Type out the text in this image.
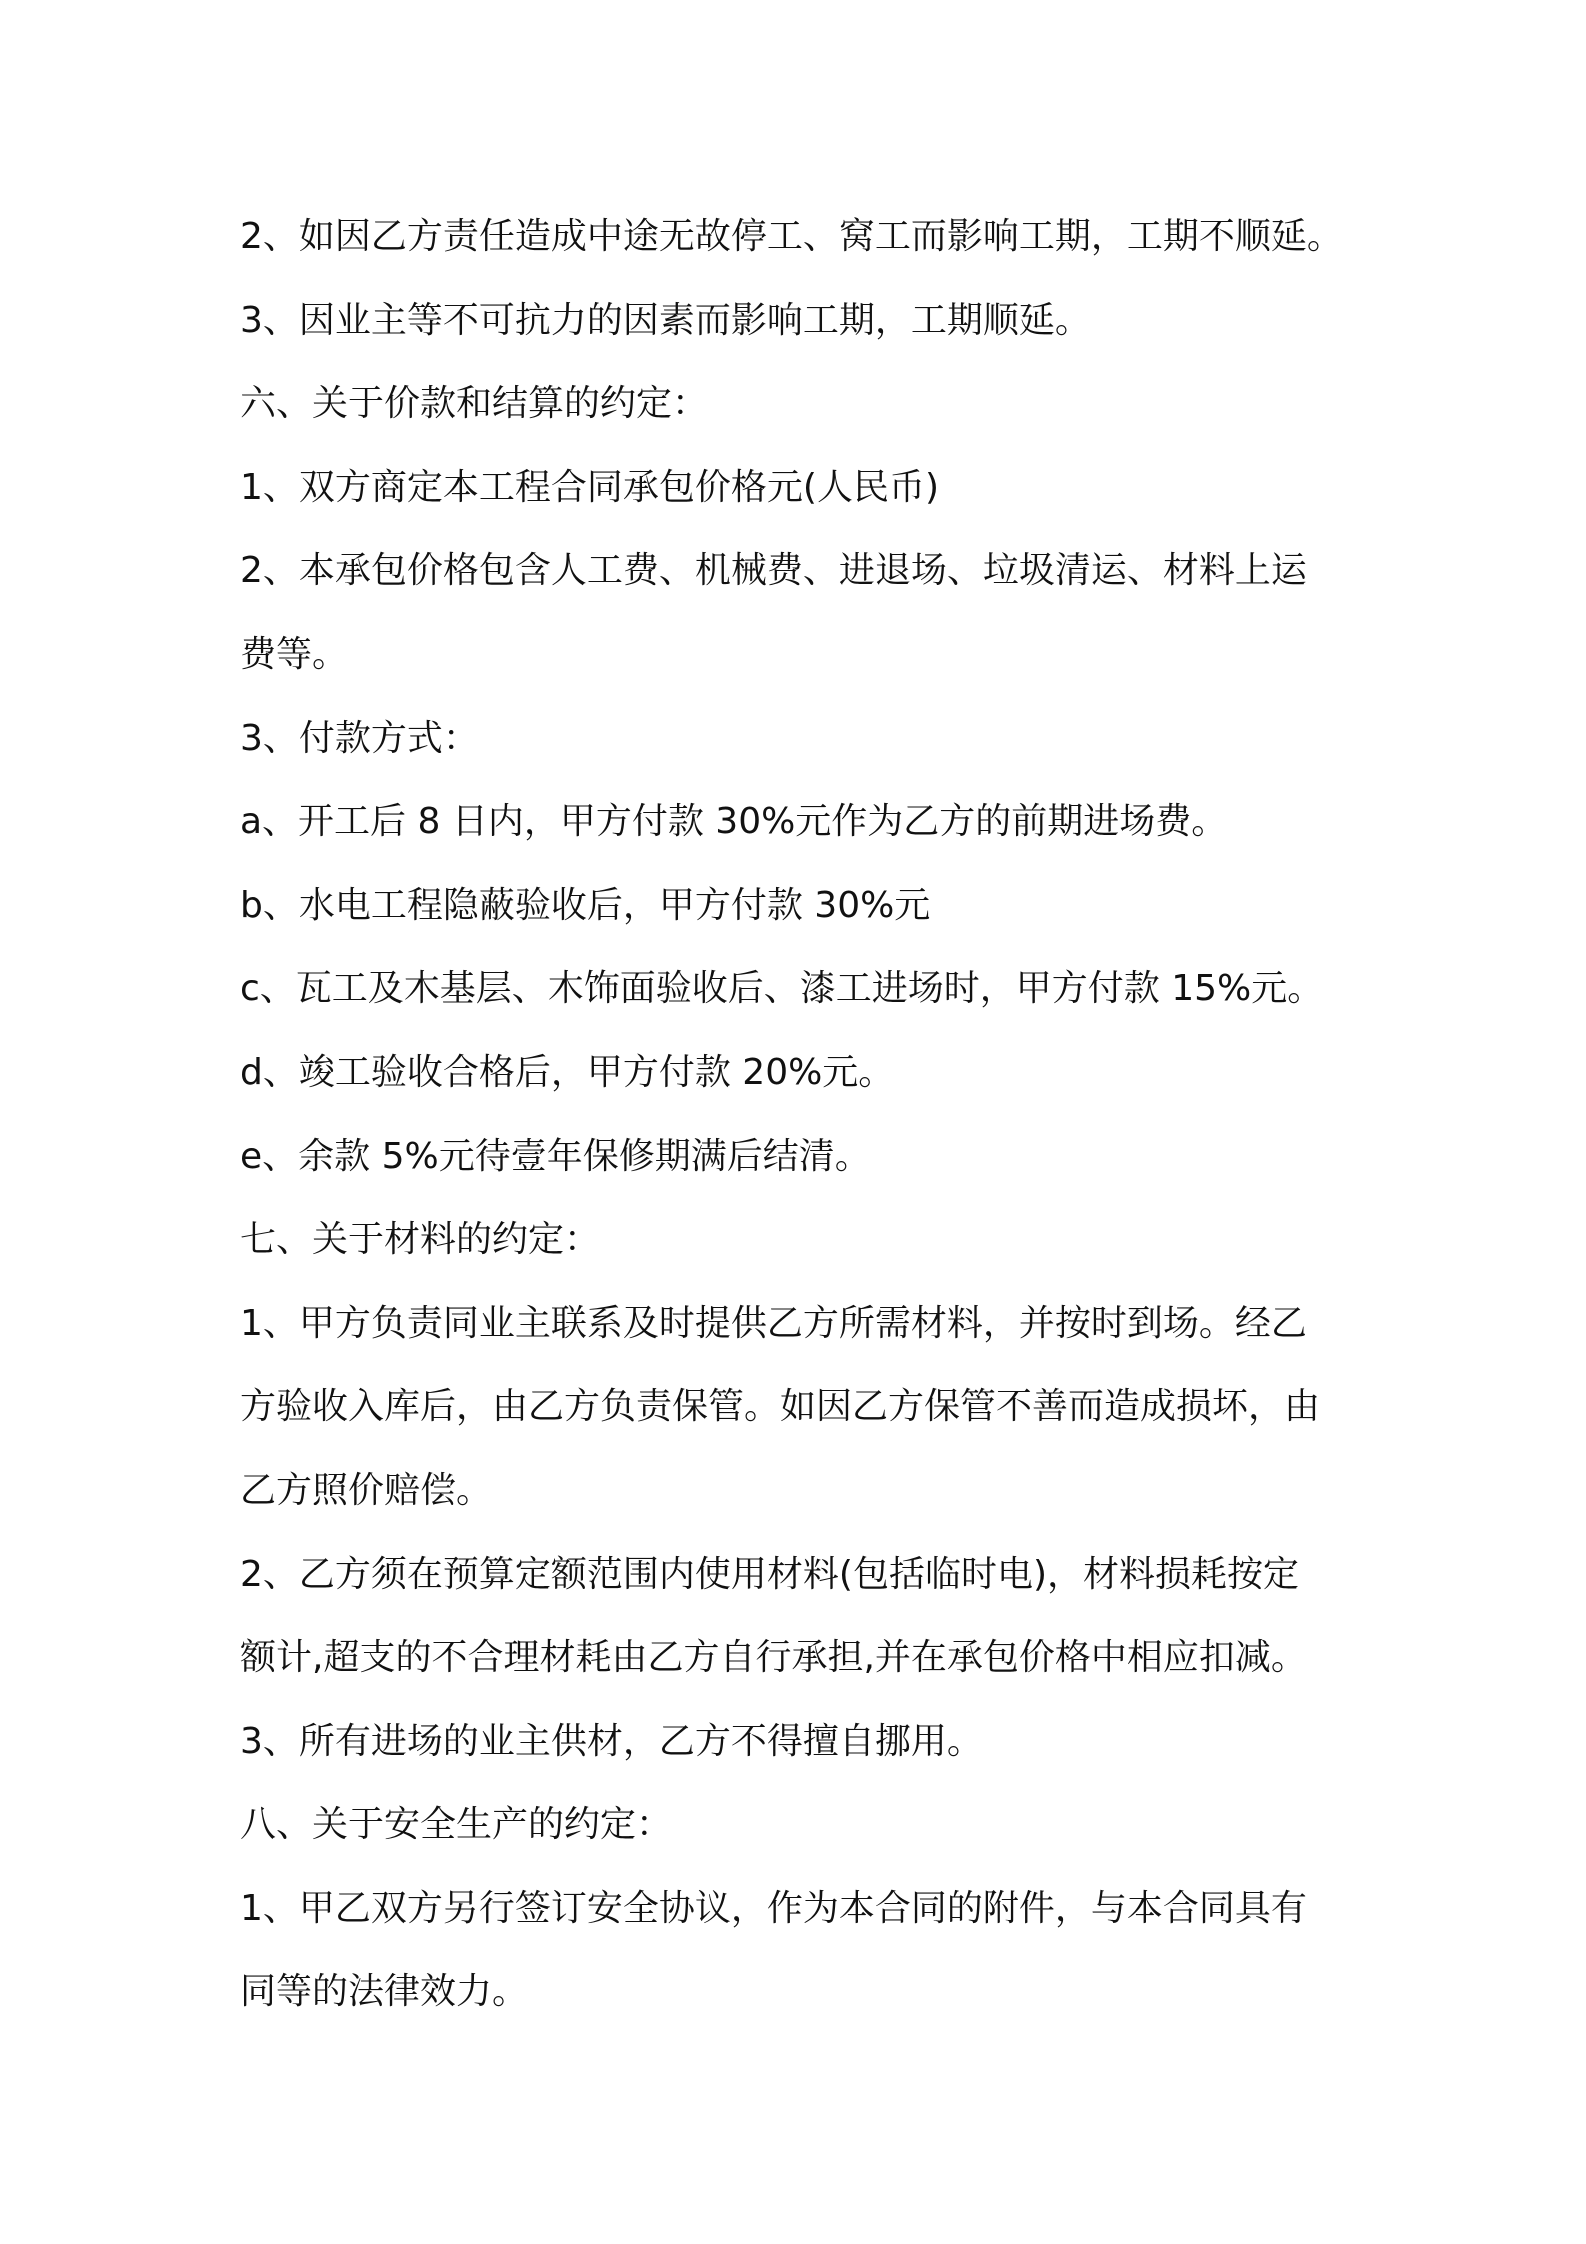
2、如因乙方责任造成中途无故停工、窝工而影响工期，工期不顺延。

3、因业主等不可抗力的因素而影响工期，工期顺延。

六、关于价款和结算的约定：

1、双方商定本工程合同承包价格元(人民币)

2、本承包价格包含人工费、机械费、进退场、垃圾清运、材料上运

费等。

3、付款方式：

a、开工后 8 日内，甲方付款 30%元作为乙方的前期进场费。

b、水电工程隐蔽验收后，甲方付款 30%元

c、瓦工及木基层、木饰面验收后、漆工进场时，甲方付款 15%元。

d、竣工验收合格后，甲方付款 20%元。

e、余款 5%元待壹年保修期满后结清。

七、关于材料的约定：

1、甲方负责同业主联系及时提供乙方所需材料，并按时到场。经乙

方验收入库后，由乙方负责保管。如因乙方保管不善而造成损坏，由

乙方照价赔偿。

2、乙方须在预算定额范围内使用材料(包括临时电)，材料损耗按定

额计,超支的不合理材耗由乙方自行承担,并在承包价格中相应扣减。

3、所有进场的业主供材，乙方不得擅自挪用。

八、关于安全生产的约定：

1、甲乙双方另行签订安全协议，作为本合同的附件，与本合同具有

同等的法律效力。
